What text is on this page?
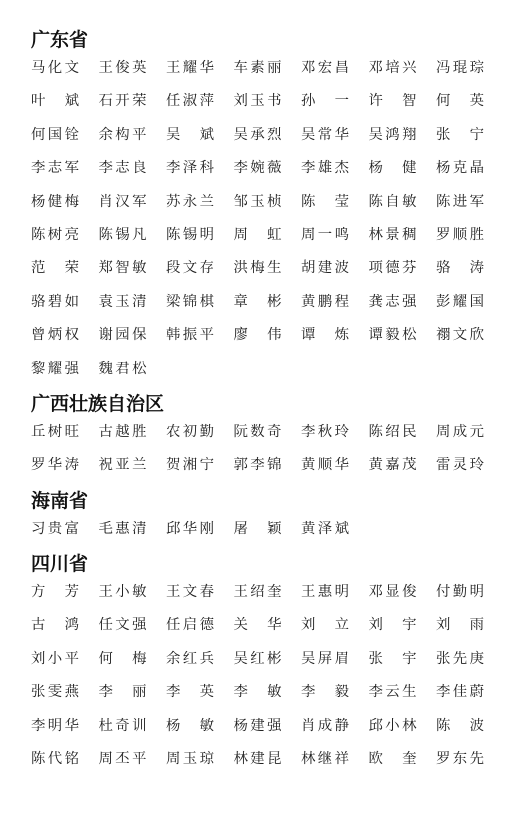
广东省
马 化 文 王 俊 英 王 耀 华 车 素 丽 邓 宏 昌 邓 培 兴 冯 琨 琮
叶 斌 石 开 荣 任 淑 萍 刘 玉 书 孙 一 许 智 何 英
何 国 铨 余 构 平 吴 斌 吴 承 烈 吴 常 华 吴 鸿 翔 张 宁
李 志 军 李 志 良 李 泽 科 李 婉 薇 李 雄 杰 杨 健 杨 克 晶
杨 健 梅 肖 汉 军 苏 永 兰 邹 玉 桢 陈 莹 陈 自 敏 陈 进 军
陈 树 亮 陈 锡 凡 陈 锡 明 周 虹 周 一 鸣 林 景 稠 罗 顺 胜
范 荣 郑 智 敏 段 文 存 洪 梅 生 胡 建 波 项 德 芬 骆 涛
骆 碧 如 袁 玉 清 梁 锦 棋 章 彬 黄 鹏 程 龚 志 强 彭 耀 国
曾 炳 权 谢 园 保 韩 振 平 廖 伟 谭 炼 谭 毅 松 禤 文 欣
黎 耀 强 魏 君 松
广西壮族自治区
丘 树 旺 古 越 胜 农 初 勤 阮 数 奇 李 秋 玲 陈 绍 民 周 成 元
罗 华 涛 祝 亚 兰 贺 湘 宁 郭 李 锦 黄 顺 华 黄 嘉 茂 雷 灵 玲
海南省
习 贵 富 毛 惠 清 邱 华 刚 屠 颖 黄 泽 斌
四川省
方 芳 王 小 敏 王 文 春 王 绍 奎 王 惠 明 邓 显 俊 付 勤 明
古 鸿 任 文 强 任 启 德 关 华 刘 立 刘 宇 刘 雨
刘 小 平 何 梅 余 红 兵 吴 红 彬 吴 屏 眉 张 宇 张 先 庚
张 雯 燕 李 丽 李 英 李 敏 李 毅 李 云 生 李 佳 蔚
李 明 华 杜 奇 训 杨 敏 杨 建 强 肖 成 静 邱 小 林 陈 波
陈 代 铭 周 丕 平 周 玉 琼 林 建 昆 林 继 祥 欧 奎 罗 东 先
